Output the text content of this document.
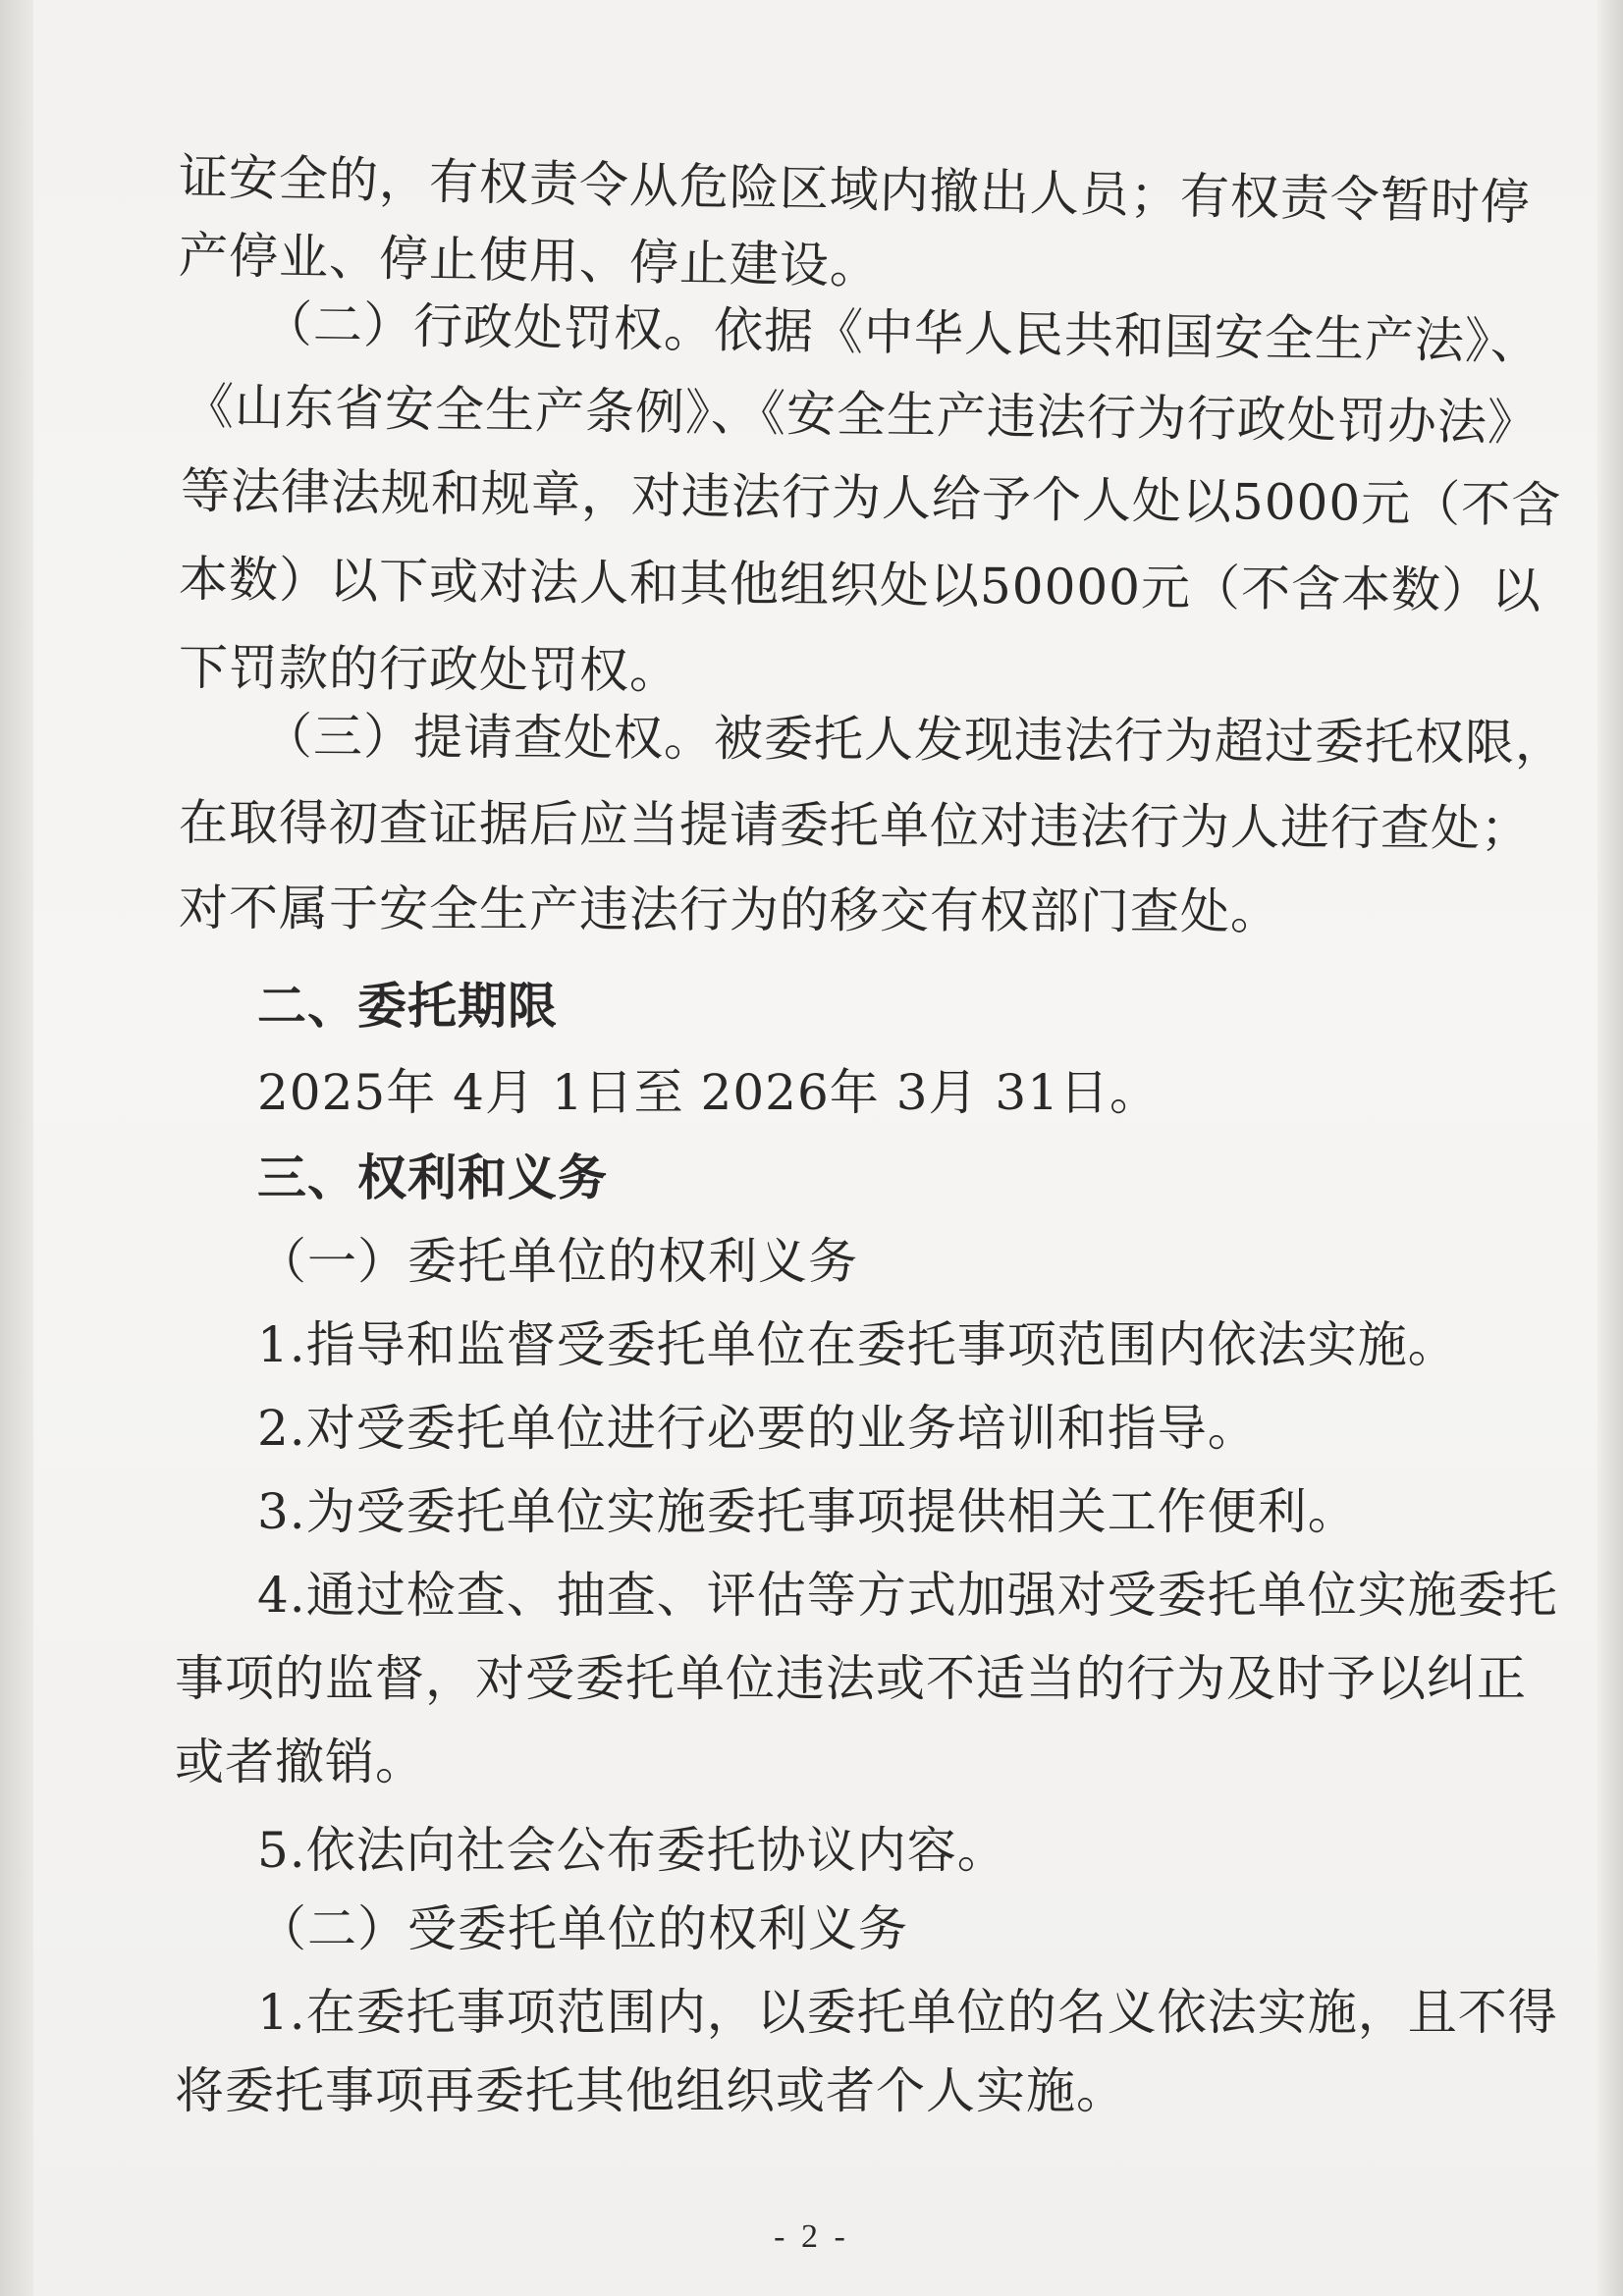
证安全的，有权责令从危险区域内撤出人员；有权责令暂时停
产停业、停止使用、停止建设。
（二）行政处罚权。依据《中华人民共和国安全生产法》、
《山东省安全生产条例》、《安全生产违法行为行政处罚办法》
等法律法规和规章，对违法行为人给予个人处以5000元（不含
本数）以下或对法人和其他组织处以50000元（不含本数）以
下罚款的行政处罚权。
（三）提请查处权。被委托人发现违法行为超过委托权限，
在取得初查证据后应当提请委托单位对违法行为人进行查处；
对不属于安全生产违法行为的移交有权部门查处。
二、委托期限
2025年 4月 1日至 2026年 3月 31日。
三、权利和义务
（一）委托单位的权利义务
1.指导和监督受委托单位在委托事项范围内依法实施。
2.对受委托单位进行必要的业务培训和指导。
3.为受委托单位实施委托事项提供相关工作便利。
4.通过检查、抽查、评估等方式加强对受委托单位实施委托
事项的监督，对受委托单位违法或不适当的行为及时予以纠正
或者撤销。
5.依法向社会公布委托协议内容。
（二）受委托单位的权利义务
1.在委托事项范围内，以委托单位的名义依法实施，且不得
将委托事项再委托其他组织或者个人实施。
- 2 -
